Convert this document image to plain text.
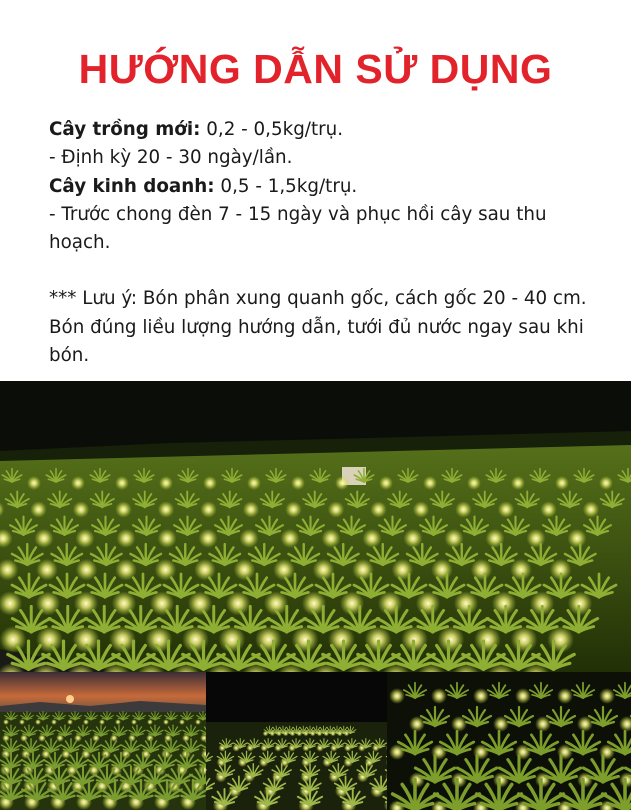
HƯỚNG DẪN SỬ DỤNG

Cây trồng mới: 0,2 - 0,5kg/trụ.

- Định kỳ 20 - 30 ngày/lần.

Cây kinh doanh: 0,5 - 1,5kg/trụ.

- Trước chong đèn 7 - 15 ngày và phục hồi cây sau thu hoạch.

*** Lưu ý: Bón phân xung quanh gốc, cách gốc 20 - 40 cm. Bón đúng liều lượng hướng dẫn, tưới đủ nước ngay sau khi bón.
